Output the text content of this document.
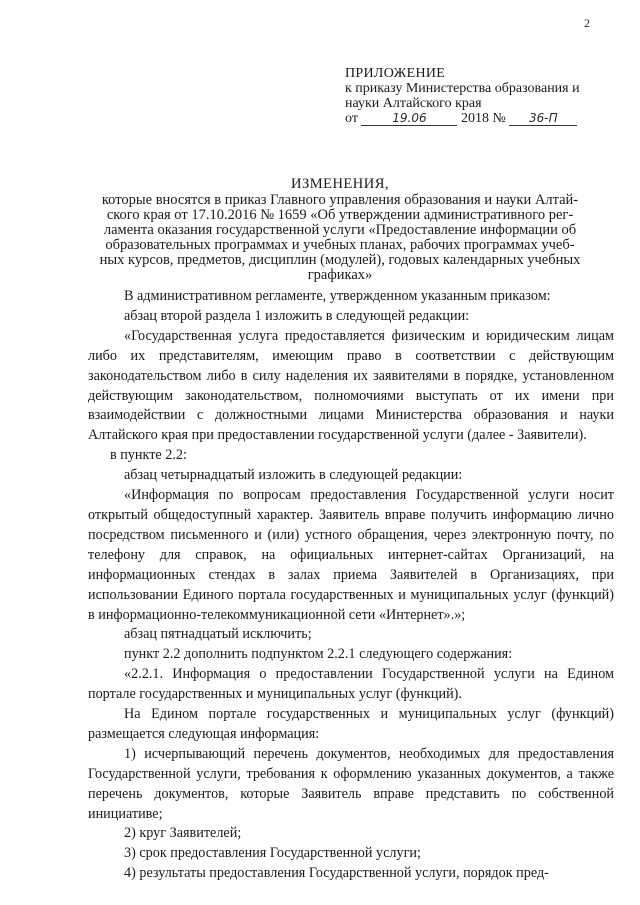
2
ПРИЛОЖЕНИЕ
к приказу Министерства образования и
науки Алтайского края
от	19.06 2018 № 36-П
ИЗМЕНЕНИЯ,
которые вносятся в приказ Главного управления образования и науки Алтай-
ского края от 17.10.2016 № 1659 «Об утверждении административного рег-
ламента оказания государственной услуги «Предоставление информации об
образовательных программах и учебных планах, рабочих программах учеб-
ных курсов, предметов, дисциплин (модулей), годовых календарных учебных
графиках»

В административном регламенте, утвержденном указанным приказом:

абзац второй раздела 1 изложить в следующей редакции:

«Государственная услуга предоставляется физическим и юридическим лицам либо их представителям, имеющим право в соответствии с действующим законодательством либо в силу наделения их заявителями в порядке, установленном действующим законодательством, полномочиями выступать от их имени при взаимодействии с должностными лицами Министерства образования и науки Алтайского края при предоставлении государственной услуги (далее - Заявители).

в пункте 2.2:

абзац четырнадцатый изложить в следующей редакции:

«Информация по вопросам предоставления Государственной услуги носит открытый общедоступный характер. Заявитель вправе получить информацию лично посредством письменного и (или) устного обращения, через электронную почту, по телефону для справок, на официальных интернет-сайтах Организаций, на информационных стендах в залах приема Заявителей в Организациях, при использовании Единого портала государственных и муниципальных услуг (функций) в информационно-телекоммуникационной сети «Интернет».»;

абзац пятнадцатый исключить;

пункт 2.2 дополнить подпунктом 2.2.1 следующего содержания:

«2.2.1. Информация о предоставлении Государственной услуги на Едином портале государственных и муниципальных услуг (функций).

На Едином портале государственных и муниципальных услуг (функций) размещается следующая информация:

1) исчерпывающий перечень документов, необходимых для предоставления Государственной услуги, требования к оформлению указанных документов, а также перечень документов, которые Заявитель вправе представить по собственной инициативе;

2) круг Заявителей;

3) срок предоставления Государственной услуги;

4) результаты предоставления Государственной услуги, порядок пред-
